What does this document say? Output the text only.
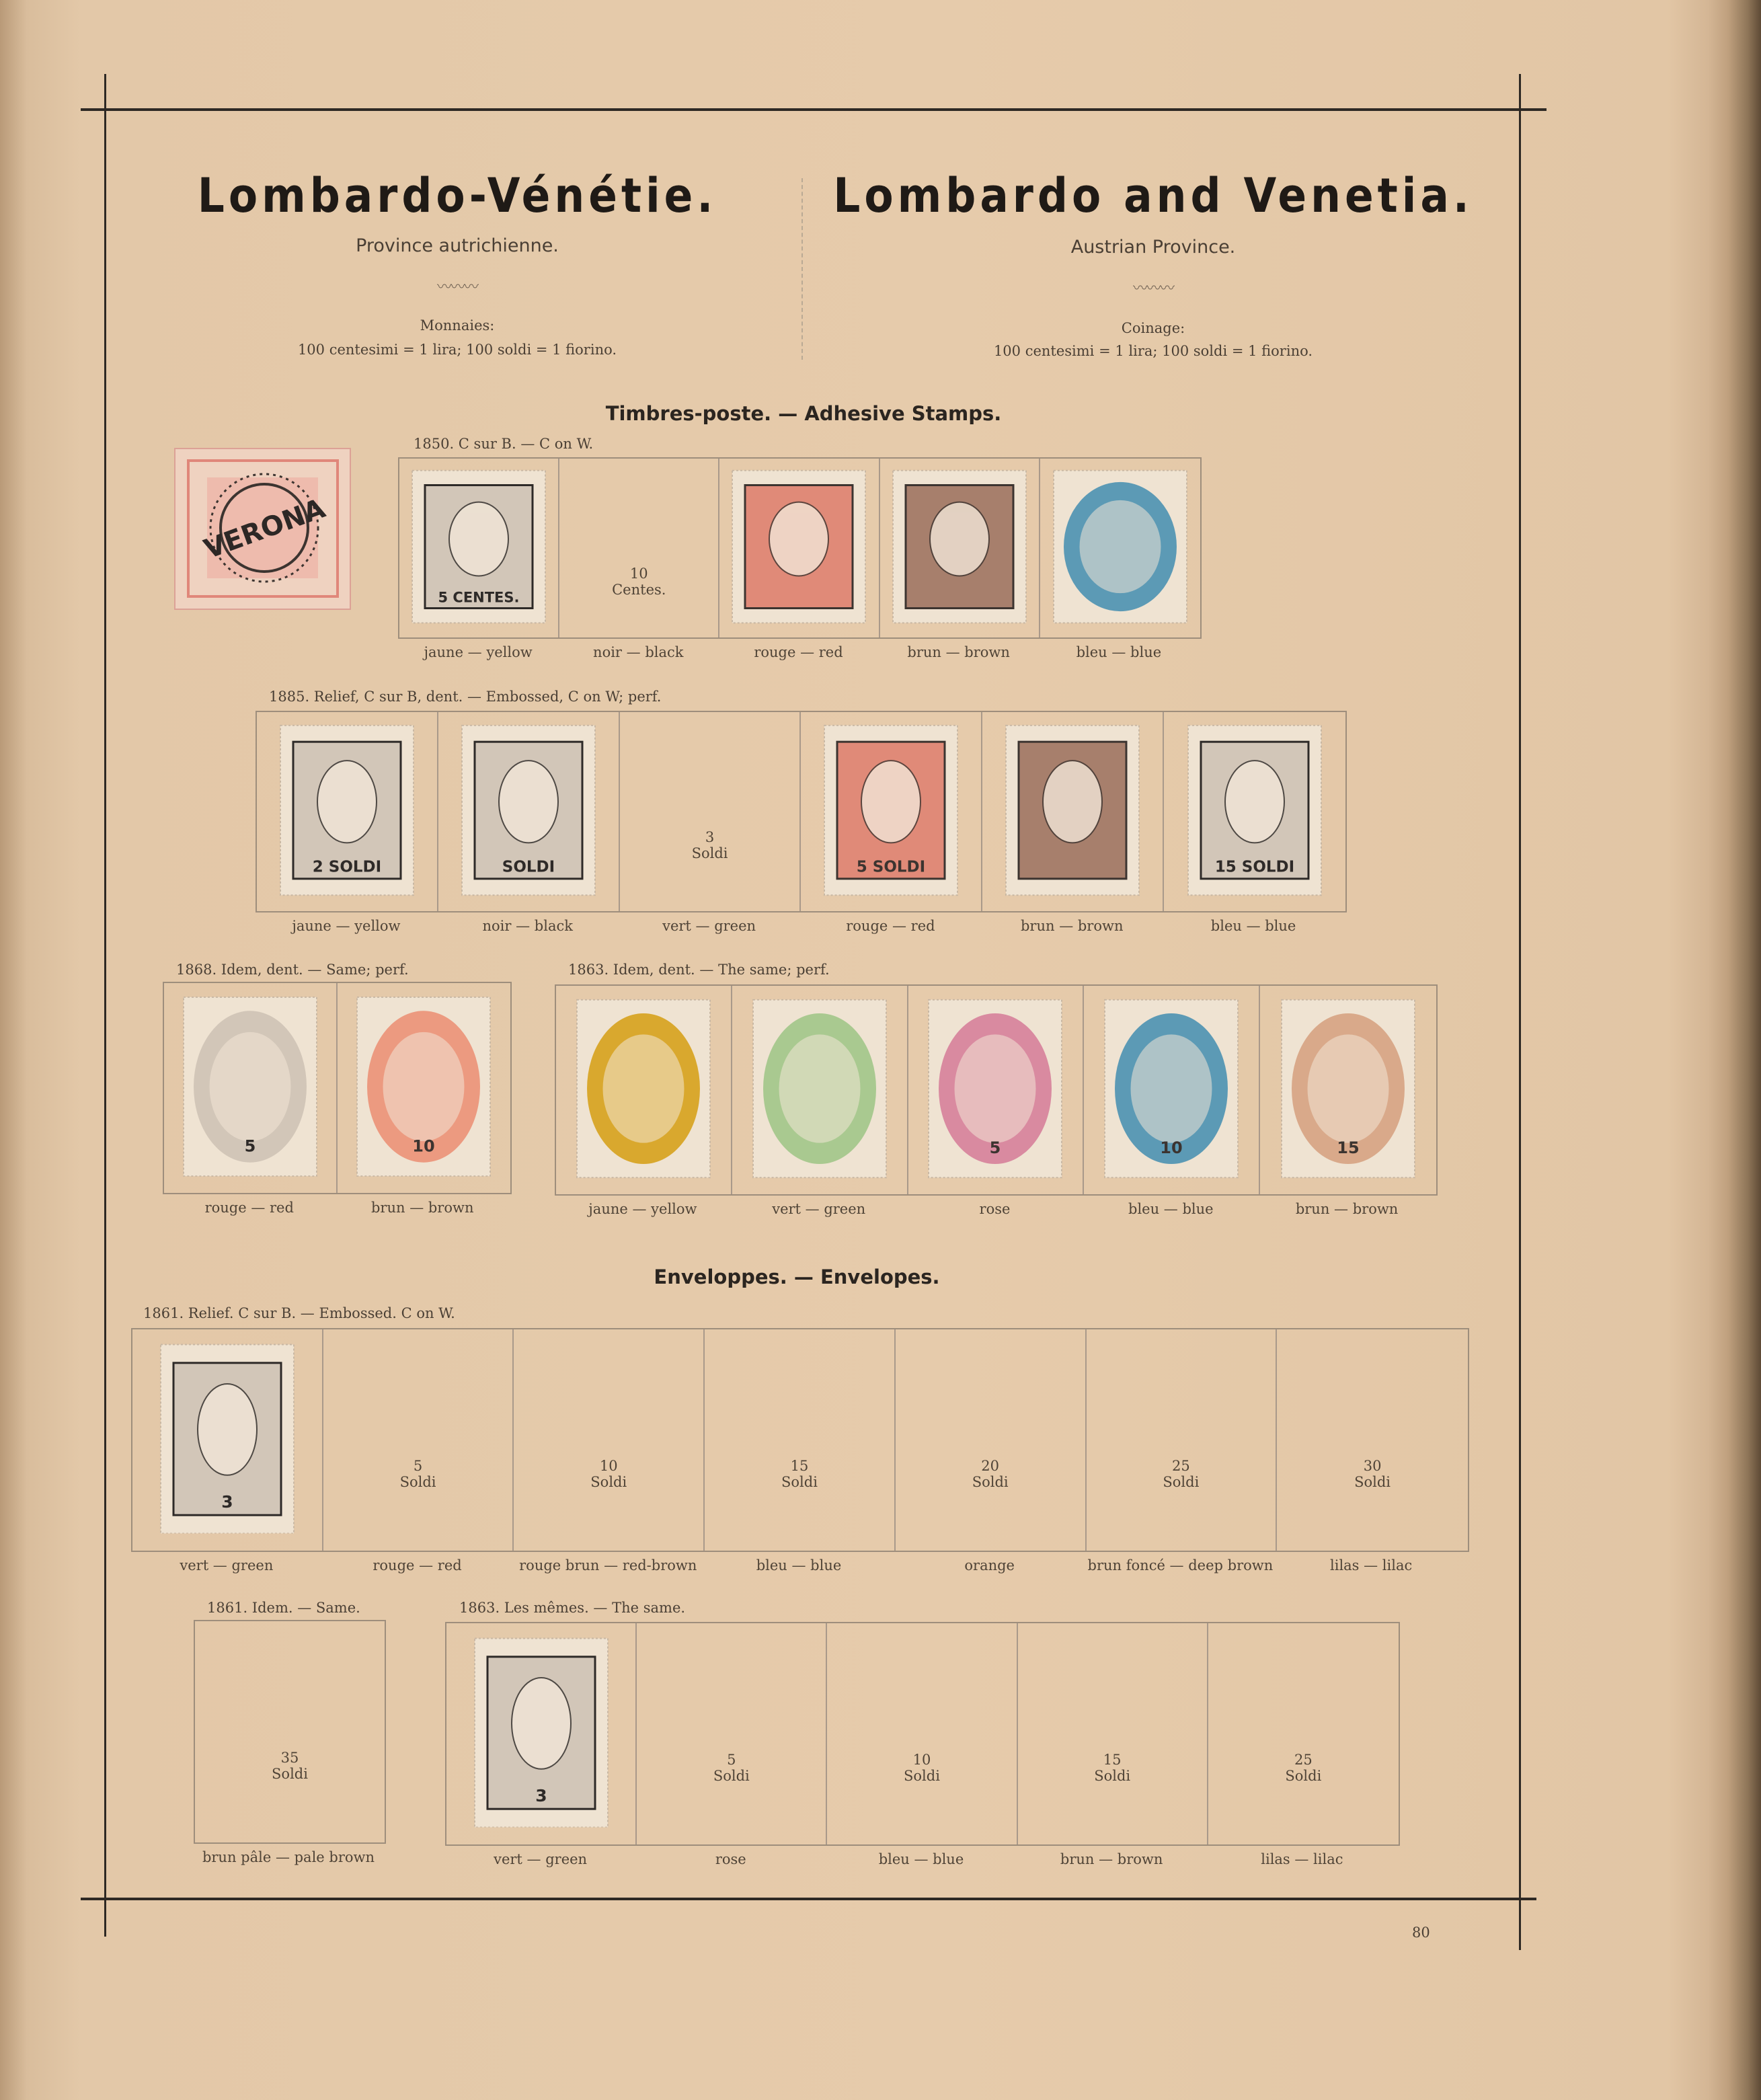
Lombardo-Vénétie.
Province autrichienne.
〰〰〰
Monnaies:
100 centesimi = 1 lira; 100 soldi = 1 fiorino.
Lombardo and Venetia.
Austrian Province.
〰〰〰
Coinage:
100 centesimi = 1 lira; 100 soldi = 1 fiorino.
Timbres-poste. — Adhesive Stamps.
VERONA
1850. C sur B. — C on W.
5 CENTES.
10
Centes.
1885. Relief, C sur B, dent. — Embossed, C on W; perf.
2 SOLDI	SOLDI
3
Soldi
5 SOLDI	15 SOLDI
1868. Idem, dent. — Same; perf.
5	10
1863. Idem, dent. — The same; perf.
5	10	15
Enveloppes. — Envelopes.
1861. Relief. C sur B. — Embossed. C on W.
3
5
Soldi
10
Soldi
15
Soldi
20
Soldi
25
Soldi
30
Soldi
1861. Idem. — Same.
35
Soldi
1863. Les mêmes. — The same.
3
5
Soldi
10
Soldi
15
Soldi
25
Soldi
80
jaune — yellow	noir — black	rouge — red	brun — brown	bleu — blue
jaune — yellow	noir — black	vert — green	rouge — red	brun — brown	bleu — blue
rouge — red	brun — brown	jaune — yellow	vert — green	rose	bleu — blue	brun — brown
vert — green	rouge — red	rouge brun — red-brown	bleu — blue	orange	brun foncé — deep brown	lilas — lilac
brun pâle — pale brown	vert — green	rose	bleu — blue	brun — brown	lilas — lilac
